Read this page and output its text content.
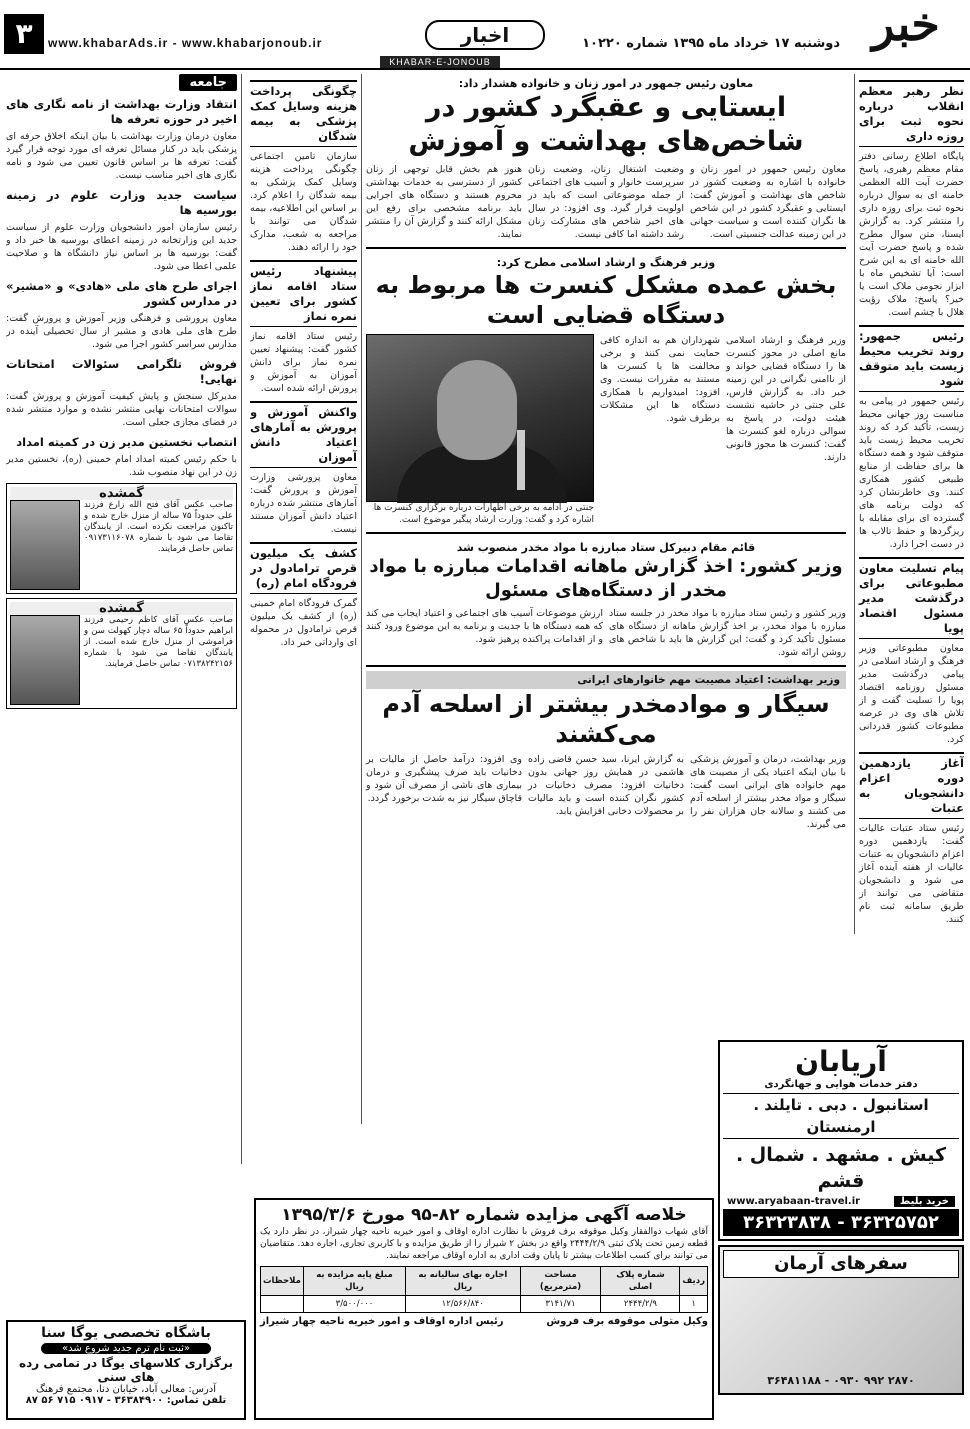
خبر
دوشنبه ۱۷ خرداد ماه ۱۳۹۵ شماره ۱۰۲۲۰
اخبار
www.khabarAds.ir - www.khabarjonoub.ir
۳
KHABAR-E-JONOUB MORNING NEWSPAPER
نظر رهبر معظم انقلاب درباره نحوه ثبت برای روزه داری
پایگاه اطلاع رسانی دفتر مقام معظم رهبری، پاسخ حضرت آیت الله العظمی خامنه ای به سوال درباره نحوه ثبت برای روزه داری را منتشر کرد. به گزارش ایسنا، متن سوال مطرح شده و پاسخ حضرت آیت الله خامنه ای به این شرح است: آیا تشخیص ماه با ابزار نجومی ملاک است یا خیر؟ پاسخ: ملاک رؤیت هلال با چشم است.
رئیس جمهور: روند تخریب محیط زیست باید متوقف شود
رئیس جمهور در پیامی به مناسبت روز جهانی محیط زیست، تأکید کرد که روند تخریب محیط زیست باید متوقف شود و همه دستگاه ها برای حفاظت از منابع طبیعی کشور همکاری کنند. وی خاطرنشان کرد که دولت برنامه های گسترده ای برای مقابله با ریزگردها و حفظ تالاب ها در دست اجرا دارد.
پیام تسلیت معاون مطبوعاتی برای درگذشت مدیر مسئول اقتصاد پویا
معاون مطبوعاتی وزیر فرهنگ و ارشاد اسلامی در پیامی درگذشت مدیر مسئول روزنامه اقتصاد پویا را تسلیت گفت و از تلاش های وی در عرصه مطبوعات کشور قدردانی کرد.
آغاز یازدهمین دوره اعزام دانشجویان به عتبات
رئیس ستاد عتبات عالیات گفت: یازدهمین دوره اعزام دانشجویان به عتبات عالیات از هفته آینده آغاز می شود و دانشجویان متقاضی می توانند از طریق سامانه ثبت نام کنند.
معاون رئیس جمهور در امور زنان و خانواده هشدار داد:
ایستایی و عقبگرد کشور در شاخص‌های بهداشت و آموزش
معاون رئیس جمهور در امور زنان و خانواده با اشاره به وضعیت کشور در شاخص های بهداشت و آموزش گفت: ایستایی و عقبگرد کشور در این شاخص ها نگران کننده است و سیاست جهانی در این زمینه عدالت جنسیتی است.
وضعیت اشتغال زنان، وضعیت زنان سرپرست خانوار و آسیب های اجتماعی از جمله موضوعاتی است که باید در اولویت قرار گیرد. وی افزود: در سال های اخیر شاخص های مشارکت زنان رشد داشته اما کافی نیست.
هنوز هم بخش قابل توجهی از زنان کشور از دسترسی به خدمات بهداشتی محروم هستند و دستگاه های اجرایی باید برنامه مشخصی برای رفع این مشکل ارائه کنند و گزارش آن را منتشر نمایند.
وزیر فرهنگ و ارشاد اسلامی مطرح کرد:
بخش عمده مشکل کنسرت ها مربوط به دستگاه قضایی است
وزیر فرهنگ و ارشاد اسلامی مانع اصلی در مجوز کنسرت ها را دستگاه قضایی خواند و از ناامنی نگرانی در این زمینه خبر داد. به گزارش فارس، علی جنتی در حاشیه نشست هیئت دولت، در پاسخ به سوالی درباره لغو کنسرت ها گفت: کنسرت ها مجوز قانونی دارند.
شهرداران هم به اندازه کافی حمایت نمی کنند و برخی مخالفت ها با کنسرت ها مستند به مقررات نیست. وی افزود: امیدواریم با همکاری دستگاه ها این مشکلات برطرف شود.
جنتی در ادامه به برخی اظهارات درباره برگزاری کنسرت ها اشاره کرد و گفت: وزارت ارشاد پیگیر موضوع است.
قائم مقام دبیرکل ستاد مبارزه با مواد مخدر منصوب شد
وزیر کشور: اخذ گزارش ماهانه اقدامات مبارزه با مواد مخدر از دستگاه‌های مسئول
وزیر کشور و رئیس ستاد مبارزه با مواد مخدر در جلسه ستاد مبارزه با مواد مخدر، بر اخذ گزارش ماهانه از دستگاه های مسئول تأکید کرد و گفت: این گزارش ها باید با شاخص های روشن ارائه شود.
ارزش موضوعات آسیب های اجتماعی و اعتیاد ایجاب می کند که همه دستگاه ها با جدیت و برنامه به این موضوع ورود کنند و از اقدامات پراکنده پرهیز شود.
وزیر بهداشت: اعتیاد مصیبت مهم خانوارهای ایرانی
سیگار و موادمخدر بیشتر از اسلحه آدم می‌کشند
وزیر بهداشت، درمان و آموزش پزشکی با بیان اینکه اعتیاد یکی از مصیبت های مهم خانواده های ایرانی است گفت: سیگار و مواد مخدر بیشتر از اسلحه آدم می کشند و سالانه جان هزاران نفر را می گیرند.
به گزارش ایرنا، سید حسن قاضی زاده هاشمی در همایش روز جهانی بدون دخانیات افزود: مصرف دخانیات در کشور نگران کننده است و باید مالیات بر محصولات دخانی افزایش یابد.
وی افزود: درآمد حاصل از مالیات بر دخانیات باید صرف پیشگیری و درمان بیماری های ناشی از مصرف آن شود و قاچاق سیگار نیز به شدت برخورد گردد.
چگونگی پرداخت هزینه وسایل کمک پزشکی به بیمه شدگان
سازمان تامین اجتماعی چگونگی پرداخت هزینه وسایل کمک پزشکی به بیمه شدگان را اعلام کرد. بر اساس این اطلاعیه، بیمه شدگان می توانند با مراجعه به شعب، مدارک خود را ارائه دهند.
پیشنهاد رئیس ستاد اقامه نماز کشور برای تعیین نمره نماز
رئیس ستاد اقامه نماز کشور گفت: پیشنهاد تعیین نمره نماز برای دانش آموزان به آموزش و پرورش ارائه شده است.
واکنش آموزش و پرورش به آمارهای اعتیاد دانش آموزان
معاون پرورشی وزارت آموزش و پرورش گفت: آمارهای منتشر شده درباره اعتیاد دانش آموزان مستند نیست.
کشف یک میلیون قرص ترامادول در فرودگاه امام (ره)
گمرک فرودگاه امام خمینی (ره) از کشف یک میلیون قرص ترامادول در محموله ای وارداتی خبر داد.
جامعه
انتقاد وزارت بهداشت از نامه نگاری های اخیر در حوزه تعرفه ها
معاون درمان وزارت بهداشت با بیان اینکه اخلاق حرفه ای پزشکی باید در کنار مسائل تعرفه ای مورد توجه قرار گیرد گفت: تعرفه ها بر اساس قانون تعیین می شود و نامه نگاری های اخیر مناسب نیست.
سیاست جدید وزارت علوم در زمینه بورسیه ها
رئیس سازمان امور دانشجویان وزارت علوم از سیاست جدید این وزارتخانه در زمینه اعطای بورسیه ها خبر داد و گفت: بورسیه ها بر اساس نیاز دانشگاه ها و صلاحیت علمی اعطا می شود.
اجرای طرح های ملی «هادی» و «مشیر» در مدارس کشور
معاون پرورشی و فرهنگی وزیر آموزش و پرورش گفت: طرح های ملی هادی و مشیر از سال تحصیلی آینده در مدارس سراسر کشور اجرا می شود.
فروش تلگرامی سئوالات امتحانات نهایی!
مدیرکل سنجش و پایش کیفیت آموزش و پرورش گفت: سوالات امتحانات نهایی منتشر نشده و موارد منتشر شده در فضای مجازی جعلی است.
انتصاب نخستین مدیر زن در کمیته امداد
با حکم رئیس کمیته امداد امام خمینی (ره)، نخستین مدیر زن در این نهاد منصوب شد.
گمشده
صاحب عکس آقای فتح الله زارع فرزند علی حدوداً ۷۵ ساله از منزل خارج شده و تاکنون مراجعت نکرده است. از یابندگان تقاضا می شود با شماره ۰۹۱۷۳۱۱۶۰۷۸ تماس حاصل فرمایند.
گمشده
صاحب عکس آقای کاظم رحیمی فرزند ابراهیم حدوداً ۶۵ ساله دچار کهولت سن و فراموشی از منزل خارج شده است. از یابندگان تقاضا می شود با شماره ۰۷۱۳۸۲۴۲۱۵۶ تماس حاصل فرمایند.
باشگاه تخصصی یوگا سنا
«ثبت نام ترم جدید شروع شد»
برگزاری کلاسهای یوگا در تمامی رده های سنی
آدرس: معالی آباد، خیابان دنا، مجتمع فرهنگ
تلفن تماس: ۳۶۳۸۴۹۰۰ - ۰۹۱۷ ۷۱۵ ۵۶ ۸۷
خلاصه آگهی مزایده شماره ۸۲-۹۵ مورخ ۱۳۹۵/۳/۶
آقای شهاب ذوالفقار وکیل موقوفه برف فروش با نظارت اداره اوقاف و امور خیریه ناحیه چهار شیراز، در نظر دارد یک قطعه زمین تحت پلاک ثبتی ۲۴۴۴/۲/۹ واقع در بخش ۲ شیراز را از طریق مزایده و با کاربری تجاری، اجاره دهد. متقاضیان می توانند برای کسب اطلاعات بیشتر تا پایان وقت اداری به اداره اوقاف مراجعه نمایند.
ردیف	شماره پلاک اصلی	مساحت (مترمربع)	اجاره بهای سالیانه به ریال	مبلغ پایه مزایده به ریال	ملاحظات
۱	۲۴۴۴/۲/۹	۳۱۴۱/۷۱	۱۲/۵۶۶/۸۴۰	۳/۵۰۰/۰۰۰	
وکیل متولی موقوفه برف فروش
رئیس اداره اوقاف و امور خیریه ناحیه چهار شیراز
آریابان
دفتر خدمات هوایی و جهانگردی
استانبول . دبی . تایلند . ارمنستان
کیش . مشهد . شمال . قشم
www.aryabaan-travel.ir	خرید بلیط
۳۶۳۲۳۸۳۸ - ۳۶۳۲۵۷۵۲
سفرهای آرمان
۳۶۴۸۱۱۸۸ - ۰۹۳۰ ۹۹۲ ۲۸۷۰
